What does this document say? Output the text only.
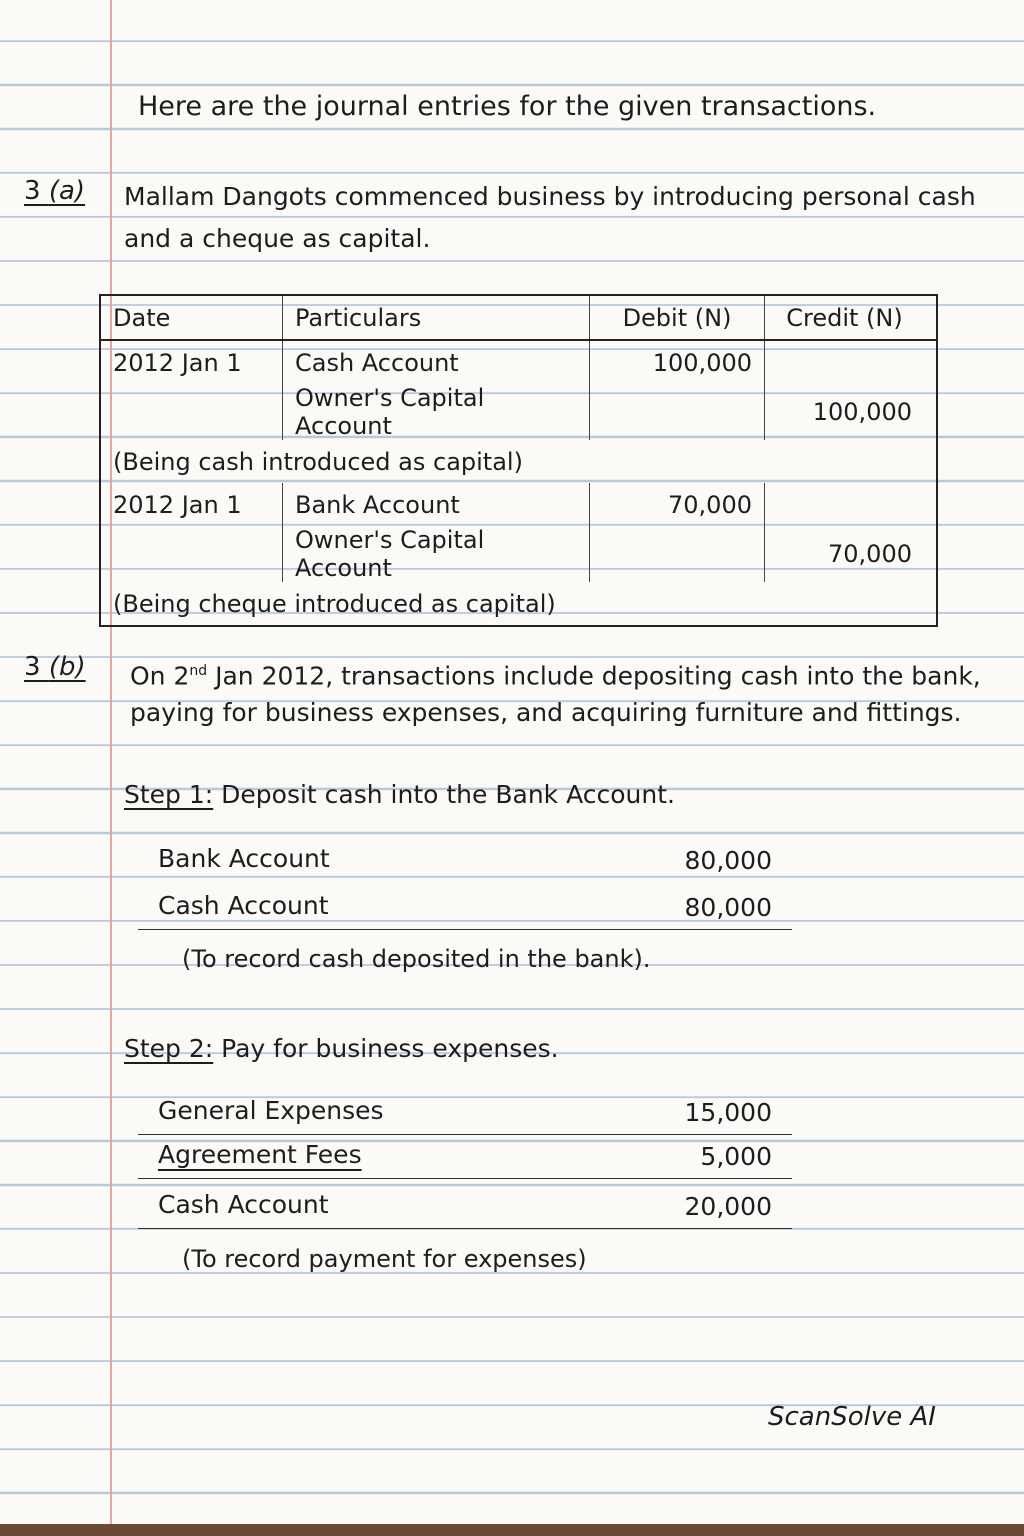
Here are the journal entries for the given transactions.
3 (a) Mallam Dangots commenced business by introducing personal cash
and a cheque as capital.
Date	Particulars	Debit (N)	Credit (N)
2012 Jan 1	Cash Account	100,000	
	Owner's Capital Account		100,000
(Being cash introduced as capital)			
2012 Jan 1	Bank Account	70,000	
	Owner's Capital Account		70,000
(Being cheque introduced as capital)			
3 (b) On 2nd Jan 2012, transactions include depositing cash into the bank,
paying for business expenses, and acquiring furniture and fittings.
Step 1: Deposit cash into the Bank Account.
Bank Account	80,000
Cash Account	80,000
(To record cash deposited in the bank).
Step 2: Pay for business expenses.
General Expenses	15,000
Agreement Fees	5,000
Cash Account	20,000
(To record payment for expenses)
ScanSolve AI
